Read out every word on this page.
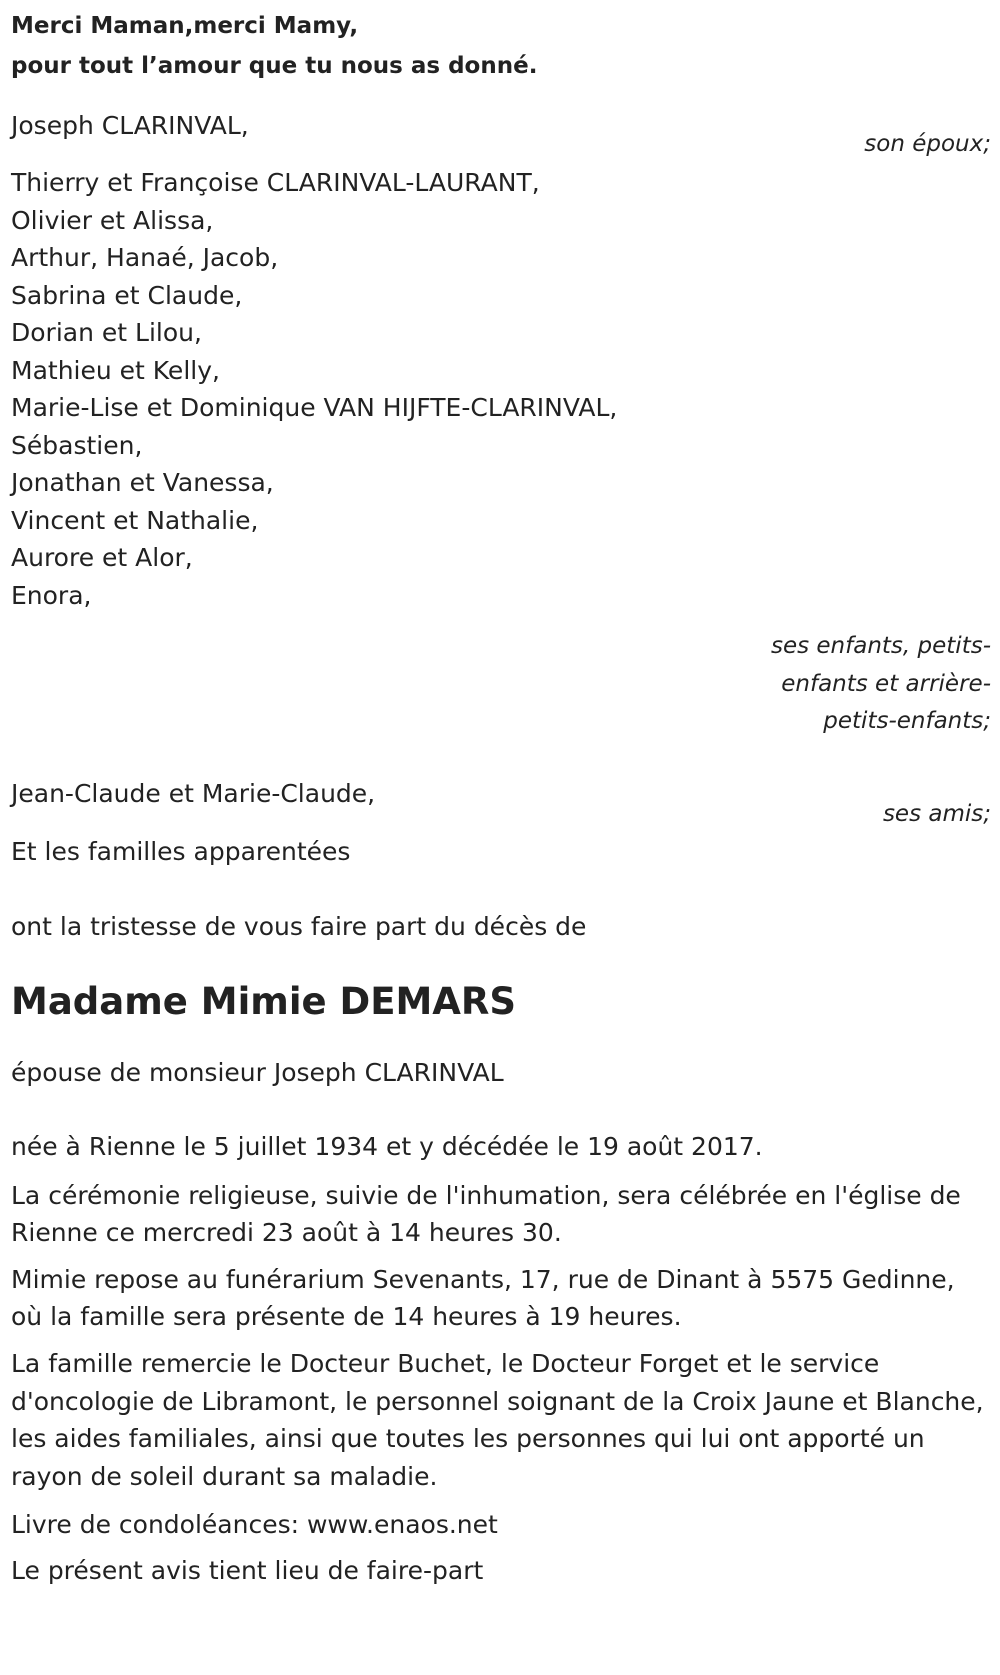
Merci Maman,merci Mamy,
pour tout l’amour que tu nous as donné.
Joseph CLARINVAL,
son époux;
Thierry et Françoise CLARINVAL-LAURANT,
Olivier et Alissa,
Arthur, Hanaé, Jacob,
Sabrina et Claude,
Dorian et Lilou,
Mathieu et Kelly,
Marie-Lise et Dominique VAN HIJFTE-CLARINVAL,
Sébastien,
Jonathan et Vanessa,
Vincent et Nathalie,
Aurore et Alor,
Enora,
ses enfants, petits-
enfants et arrière-
petits-enfants;
Jean-Claude et Marie-Claude,
ses amis;
Et les familles apparentées
ont la tristesse de vous faire part du décès de
Madame Mimie DEMARS
épouse de monsieur Joseph CLARINVAL
née à Rienne le 5 juillet 1934 et y décédée le 19 août 2017.
La cérémonie religieuse, suivie de l'inhumation, sera célébrée en l'église de Rienne ce mercredi 23 août à 14 heures 30.
Mimie repose au funérarium Sevenants, 17, rue de Dinant à 5575 Gedinne, où la famille sera présente de 14 heures à 19 heures.
La famille remercie le Docteur Buchet, le Docteur Forget et le service d'oncologie de Libramont, le personnel soignant de la Croix Jaune et Blanche, les aides familiales, ainsi que toutes les personnes qui lui ont apporté un rayon de soleil durant sa maladie.
Livre de condoléances: www.enaos.net
Le présent avis tient lieu de faire-part
